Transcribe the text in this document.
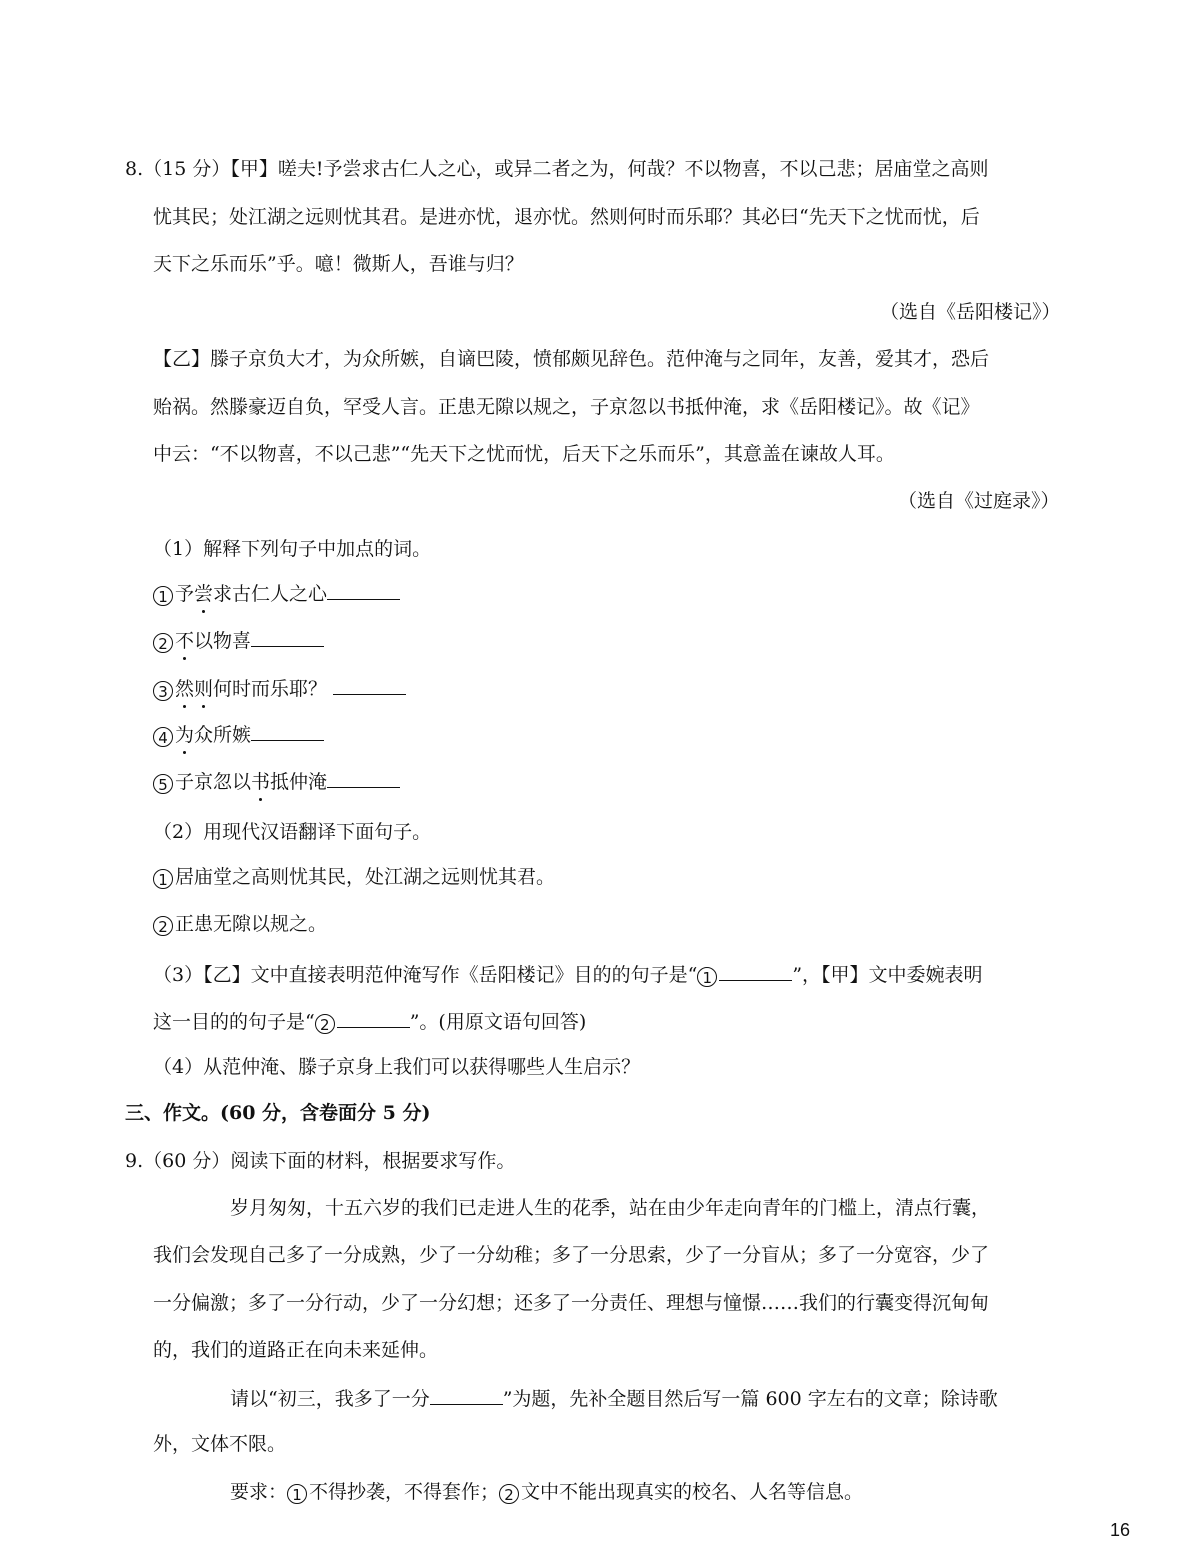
8.（15 分）【甲】嗟夫!予尝求古仁人之心，或异二者之为，何哉？不以物喜，不以己悲；居庙堂之高则
忧其民；处江湖之远则忧其君。是进亦忧，退亦忧。然则何时而乐耶？其必曰“先天下之忧而忧，后
天下之乐而乐”乎。噫！微斯人，吾谁与归？
（选自《岳阳楼记》）
【乙】滕子京负大才，为众所嫉，自谪巴陵，愤郁颇见辞色。范仲淹与之同年，友善，爱其才，恐后
贻祸。然滕豪迈自负，罕受人言。正患无隙以规之，子京忽以书抵仲淹，求《岳阳楼记》。故《记》
中云：“不以物喜，不以己悲”“先天下之忧而忧，后天下之乐而乐”，其意盖在谏故人耳。
（选自《过庭录》）
（1）解释下列句子中加点的词。
1 予尝求古仁人之心
2 不以物喜
3 然则何时而乐耶？
4 为众所嫉
5 子京忽以书抵仲淹
（2）用现代汉语翻译下面句子。
1 居庙堂之高则忧其民，处江湖之远则忧其君。
2 正患无隙以规之。
（3）【乙】文中直接表明范仲淹写作《岳阳楼记》目的的句子是“ 1	”，【甲】文中委婉表明
这一目的的句子是“ 2	”。(用原文语句回答)
（4）从范仲淹、滕子京身上我们可以获得哪些人生启示？
三、作文。(60 分，含卷面分 5 分)
9.（60 分）阅读下面的材料，根据要求写作。
岁月匆匆，十五六岁的我们已走进人生的花季，站在由少年走向青年的门槛上，清点行囊，
我们会发现自己多了一分成熟，少了一分幼稚；多了一分思索，少了一分盲从；多了一分宽容，少了
一分偏激；多了一分行动，少了一分幻想；还多了一分责任、理想与憧憬……我们的行囊变得沉甸甸
的，我们的道路正在向未来延伸。
请以“初三，我多了一分	”为题，先补全题目然后写一篇 600 字左右的文章；除诗歌
外，文体不限。
要求： 1 不得抄袭，不得套作； 2 文中不能出现真实的校名、人名等信息。
16
